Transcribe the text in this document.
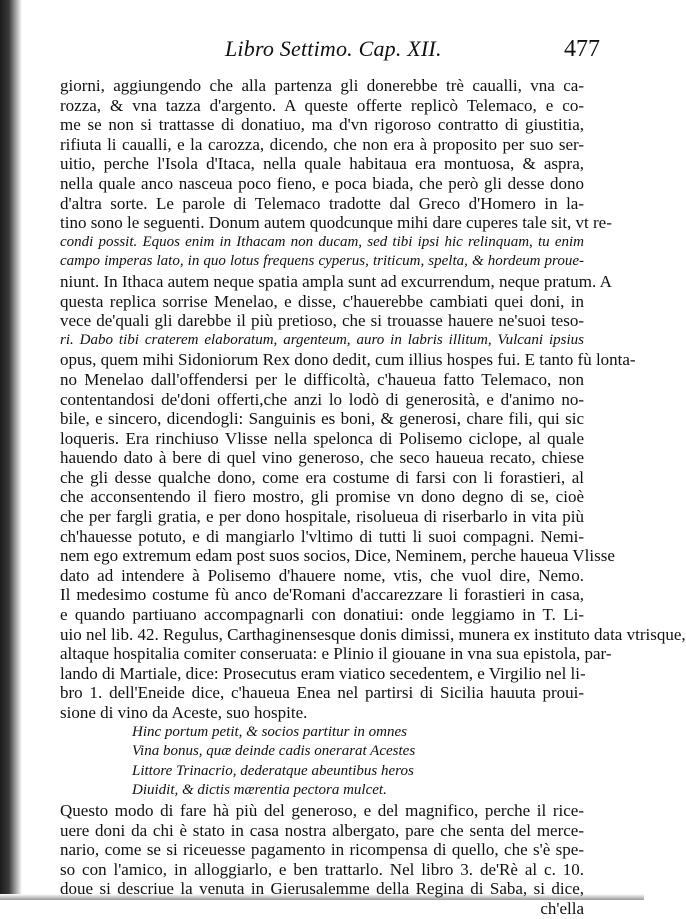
Libro Settimo. Cap. XII.	477
giorni, aggiungendo che alla partenza gli donerebbe trè caualli, vna ca-
rozza, & vna tazza d'argento. A queste offerte replicò Telemaco, e co-
me se non si trattasse di donatiuo, ma d'vn rigoroso contratto di giustitia,
rifiuta li caualli, e la carozza, dicendo, che non era à proposito per suo ser-
uitio, perche l'Isola d'Itaca, nella quale habitaua era montuosa, & aspra,
nella quale anco nasceua poco fieno, e poca biada, che però gli desse dono
d'altra sorte. Le parole di Telemaco tradotte dal Greco d'Homero in la-
tino sono le seguenti. Donum autem quodcunque mihi dare cuperes tale sit, vt re-
condi possit. Equos enim in Ithacam non ducam, sed tibi ipsi hic relinquam, tu enim
campo imperas lato, in quo lotus frequens cyperus, triticum, spelta, & hordeum proue-
niunt. In Ithaca autem neque spatia ampla sunt ad excurrendum, neque pratum. A
questa replica sorrise Menelao, e disse, c'hauerebbe cambiati quei doni, in
vece de'quali gli darebbe il più pretioso, che si trouasse hauere ne'suoi teso-
ri. Dabo tibi craterem elaboratum, argenteum, auro in labris illitum, Vulcani ipsius
opus, quem mihi Sidoniorum Rex dono dedit, cum illius hospes fui. E tanto fù lonta-
no Menelao dall'offendersi per le difficoltà, c'haueua fatto Telemaco, non
contentandosi de'doni offerti,che anzi lo lodò di generosità, e d'animo no-
bile, e sincero, dicendogli: Sanguinis es boni, & generosi, chare fili, qui sic
loqueris. Era rinchiuso Vlisse nella spelonca di Polisemo ciclope, al quale
hauendo dato à bere di quel vino generoso, che seco haueua recato, chiese
che gli desse qualche dono, come era costume di farsi con li forastieri, al
che acconsentendo il fiero mostro, gli promise vn dono degno di se, cioè
che per fargli gratia, e per dono hospitale, risolueua di riserbarlo in vita più
ch'hauesse potuto, e di mangiarlo l'vltimo di tutti li suoi compagni. Nemi-
nem ego extremum edam post suos socios, Dice, Neminem, perche haueua Vlisse
dato ad intendere à Polisemo d'hauere nome, vtis, che vuol dire, Nemo.
Il medesimo costume fù anco de'Romani d'accarezzare li forastieri in casa,
e quando partiuano accompagnarli con donatiui: onde leggiamo in T. Li-
uio nel lib. 42. Regulus, Carthaginensesque donis dimissi, munera ex instituto data vtrisque,
altaque hospitalia comiter conseruata: e Plinio il giouane in vna sua epistola, par-
lando di Martiale, dice: Prosecutus eram viatico secedentem, e Virgilio nel li-
bro 1. dell'Eneide dice, c'haueua Enea nel partirsi di Sicilia hauuta proui-
sione di vino da Aceste, suo hospite.
Hinc portum petit, & socios partitur in omnes
Vina bonus, quæ deinde cadis onerarat Acestes
Littore Trinacrio, dederatque abeuntibus heros
Diuidit, & dictis mærentia pectora mulcet.
Questo modo di fare hà più del generoso, e del magnifico, perche il rice-
uere doni da chi è stato in casa nostra albergato, pare che senta del merce-
nario, come se si riceuesse pagamento in ricompensa di quello, che s'è spe-
so con l'amico, in alloggiarlo, e ben trattarlo. Nel libro 3. de'Rè al c. 10.
doue si descriue la venuta in Gierusalemme della Regina di Saba, si dice,
ch'ella
